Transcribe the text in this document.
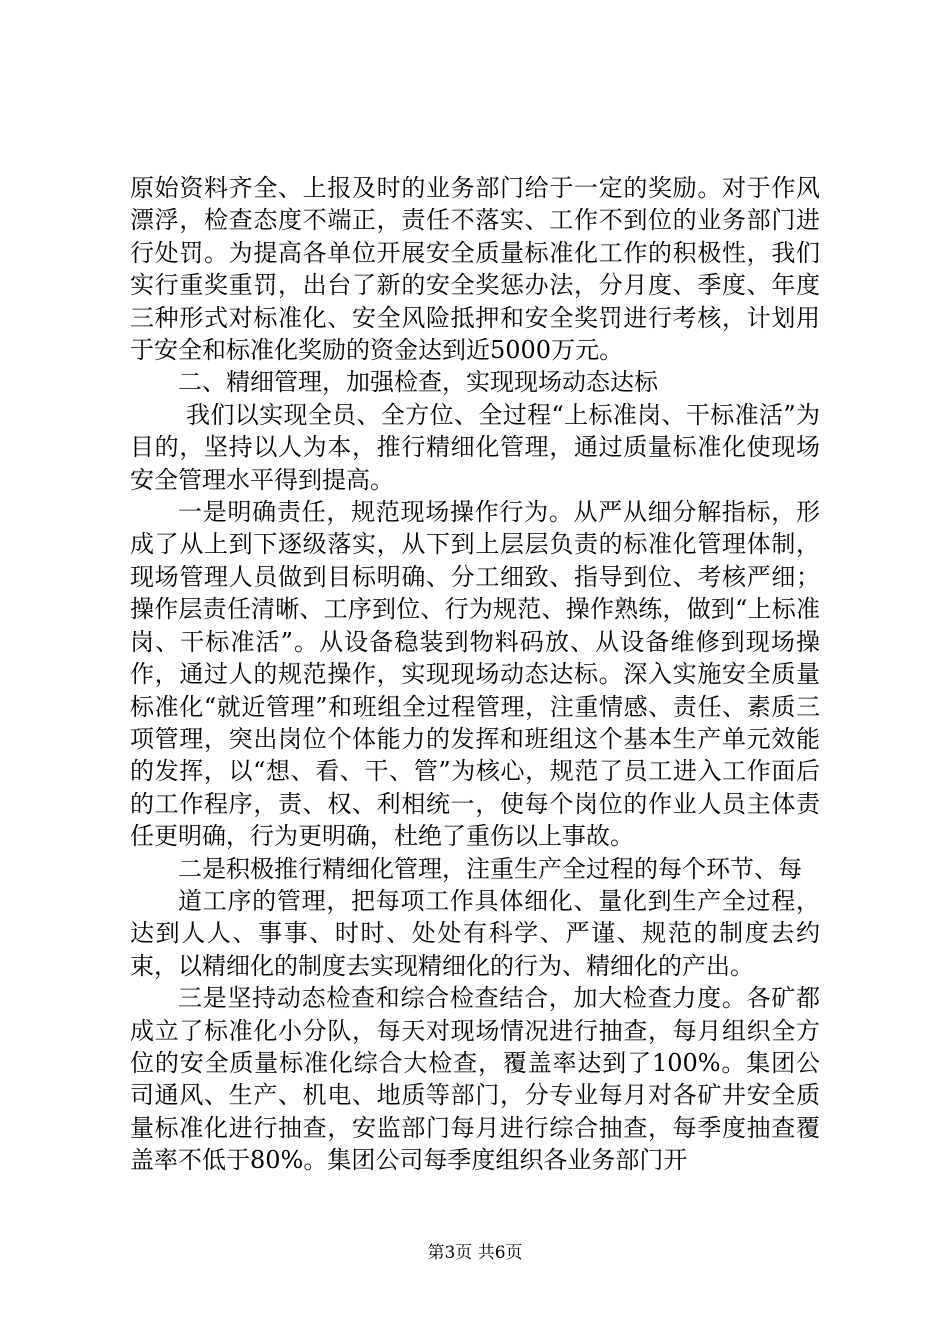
原始资料齐全、上报及时的业务部门给于一定的奖励。对于作风漂浮，检查态度不端正，责任不落实、工作不到位的业务部门进行处罚。为提高各单位开展安全质量标准化工作的积极性，我们实行重奖重罚，出台了新的安全奖惩办法，分月度、季度、年度三种形式对标准化、安全风险抵押和安全奖罚进行考核，计划用于安全和标准化奖励的资金达到近5000万元。

二、精细管理，加强检查，实现现场动态达标

我们以实现全员、全方位、全过程“上标准岗、干标准活”为目的，坚持以人为本，推行精细化管理，通过质量标准化使现场安全管理水平得到提高。

一是明确责任，规范现场操作行为。从严从细分解指标，形成了从上到下逐级落实，从下到上层层负责的标准化管理体制，现场管理人员做到目标明确、分工细致、指导到位、考核严细；操作层责任清晰、工序到位、行为规范、操作熟练，做到“上标准岗、干标准活”。从设备稳装到物料码放、从设备维修到现场操作，通过人的规范操作，实现现场动态达标。深入实施安全质量标准化“就近管理”和班组全过程管理，注重情感、责任、素质三项管理，突出岗位个体能力的发挥和班组这个基本生产单元效能的发挥，以“想、看、干、管”为核心，规范了员工进入工作面后的工作程序，责、权、利相统一，使每个岗位的作业人员主体责任更明确，行为更明确，杜绝了重伤以上事故。

二是积极推行精细化管理，注重生产全过程的每个环节、每

道工序的管理，把每项工作具体细化、量化到生产全过程，达到人人、事事、时时、处处有科学、严谨、规范的制度去约束，以精细化的制度去实现精细化的行为、精细化的产出。

三是坚持动态检查和综合检查结合，加大检查力度。各矿都成立了标准化小分队，每天对现场情况进行抽查，每月组织全方位的安全质量标准化综合大检查，覆盖率达到了100%。集团公司通风、生产、机电、地质等部门，分专业每月对各矿井安全质量标准化进行抽查，安监部门每月进行综合抽查，每季度抽查覆盖率不低于80%。集团公司每季度组织各业务部门开

第3页 共6页
